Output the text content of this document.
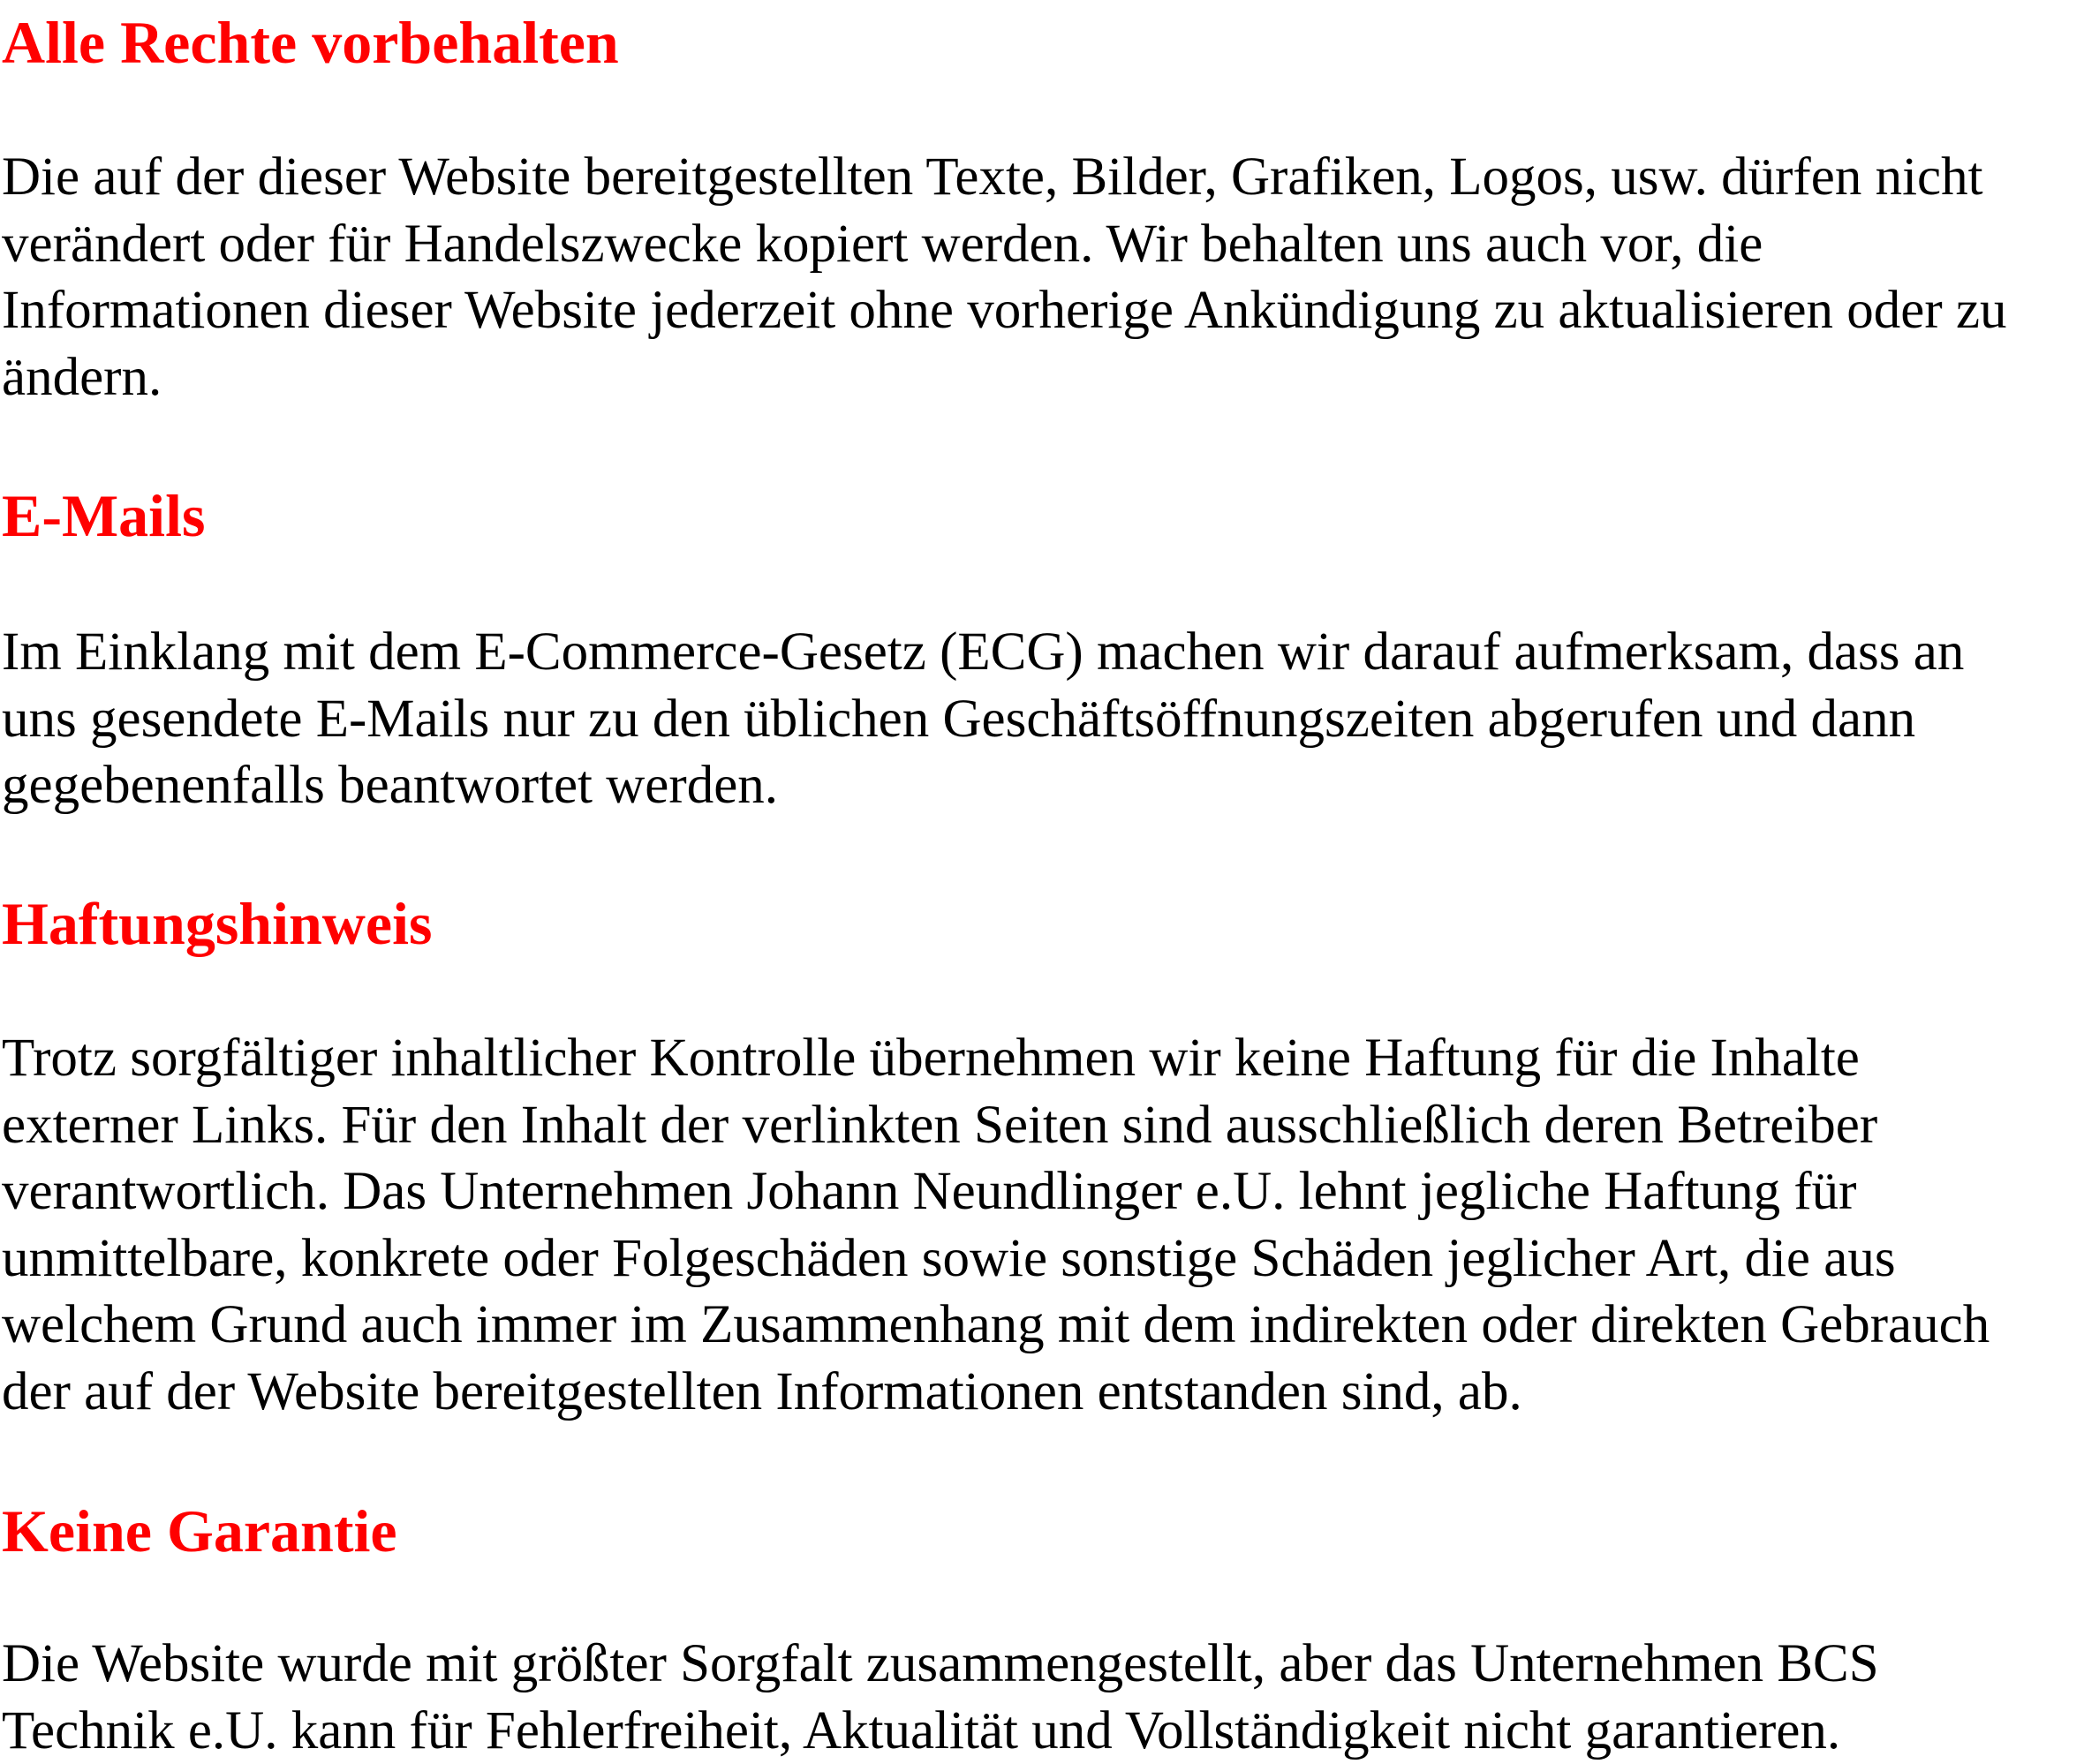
Alle Rechte vorbehalten

Die auf der dieser Website bereitgestellten Texte, Bilder, Grafiken, Logos, usw. dürfen nicht
verändert oder für Handelszwecke kopiert werden. Wir behalten uns auch vor, die
Informationen dieser Website jederzeit ohne vorherige Ankündigung zu aktualisieren oder zu
ändern.

E-Mails

Im Einklang mit dem E-Commerce-Gesetz (ECG) machen wir darauf aufmerksam, dass an
uns gesendete E-Mails nur zu den üblichen Geschäftsöffnungszeiten abgerufen und dann
gegebenenfalls beantwortet werden.

Haftungshinweis

Trotz sorgfältiger inhaltlicher Kontrolle übernehmen wir keine Haftung für die Inhalte
externer Links. Für den Inhalt der verlinkten Seiten sind ausschließlich deren Betreiber
verantwortlich. Das Unternehmen Johann Neundlinger e.U. lehnt jegliche Haftung für
unmittelbare, konkrete oder Folgeschäden sowie sonstige Schäden jeglicher Art, die aus
welchem Grund auch immer im Zusammenhang mit dem indirekten oder direkten Gebrauch
der auf der Website bereitgestellten Informationen entstanden sind, ab.

Keine Garantie

Die Website wurde mit größter Sorgfalt zusammengestellt, aber das Unternehmen BCS
Technik e.U. kann für Fehlerfreiheit, Aktualität und Vollständigkeit nicht garantieren.
